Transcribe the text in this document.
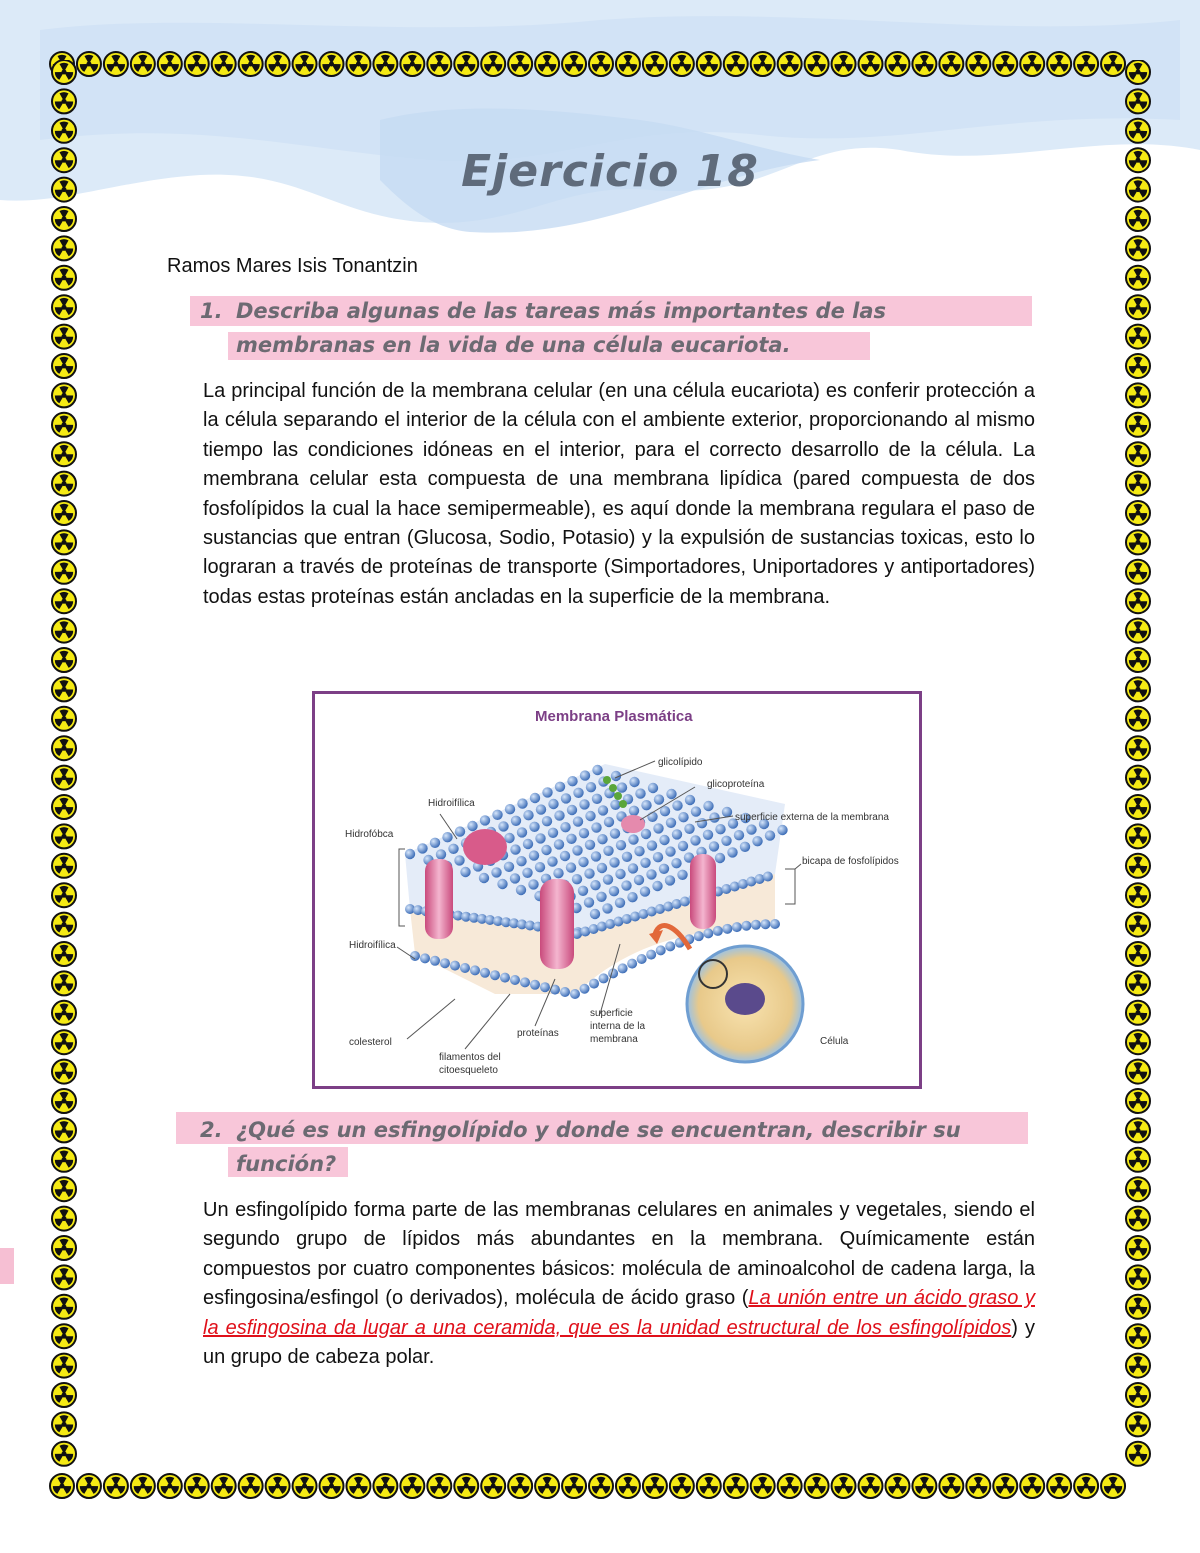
Ejercicio 18
Ramos Mares Isis Tonantzin
1. Describa algunas de las tareas más importantes de las
membranas en la vida de una célula eucariota.
La principal función de la membrana celular (en una célula eucariota) es conferir protección a la célula separando el interior de la célula con el ambiente exterior, proporcionando al mismo tiempo las condiciones idóneas en el interior, para el correcto desarrollo de la célula. La membrana celular esta compuesta de una membrana lipídica (pared compuesta de dos fosfolípidos la cual la hace semipermeable), es aquí donde la membrana regulara el paso de sustancias que entran (Glucosa, Sodio, Potasio) y la expulsión de sustancias toxicas, esto lo lograran a través de proteínas de transporte (Simportadores, Uniportadores y antiportadores) todas estas proteínas están ancladas en la superficie de la membrana.
Membrana Plasmática
glicolípido
glicoproteína
Hidroifílica
superficie externa de la membrana
Hidrofóbca
bicapa de fosfolípidos
Hidroifílica
colesterol
proteínas
filamentos del
citoesqueleto
superficie
interna de la
membrana	Célula
2. ¿Qué es un esfingolípido y donde se encuentran, describir su
función?
Un esfingolípido forma parte de las membranas celulares en animales y vegetales, siendo el segundo grupo de lípidos más abundantes en la membrana. Químicamente están compuestos por cuatro componentes básicos: molécula de aminoalcohol de cadena larga, la esfingosina/esfingol (o derivados), molécula de ácido graso (La unión entre un ácido graso y la esfingosina da lugar a una ceramida, que es la unidad estructural de los esfingolípidos) y un grupo de cabeza polar.
